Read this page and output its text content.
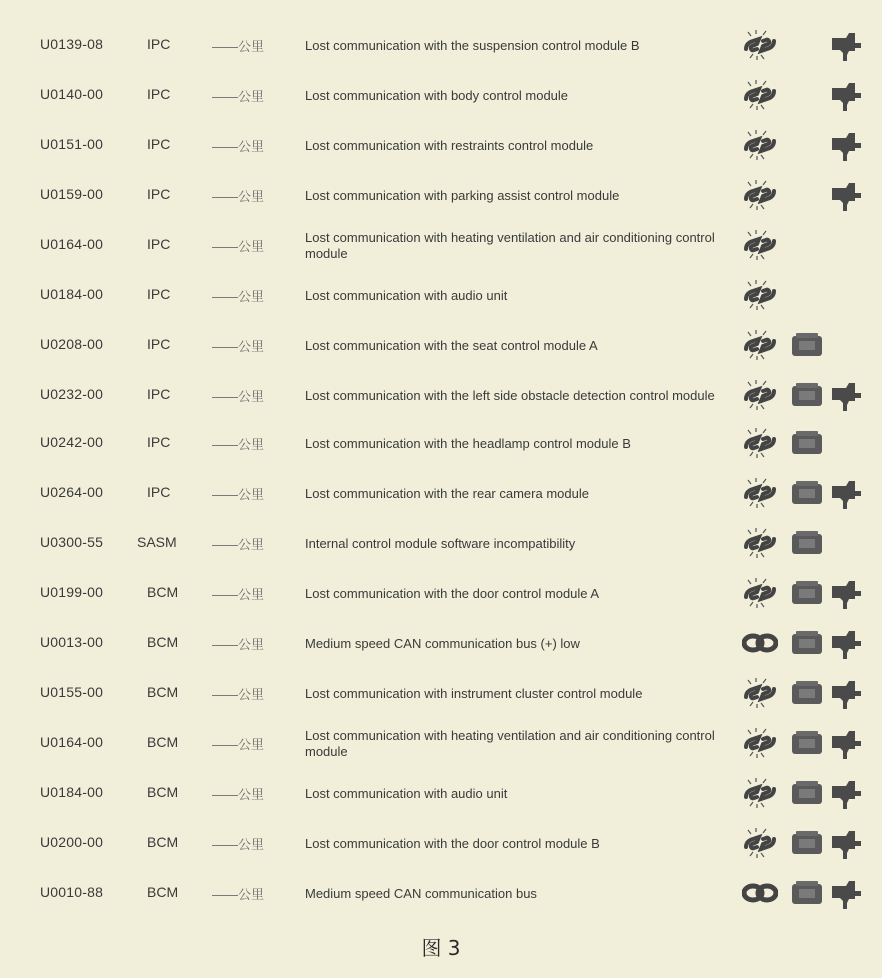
U0139-08	IPC	——公里	Lost communication with the suspension control module B
U0140-00	IPC	——公里	Lost communication with body control module
U0151-00	IPC	——公里	Lost communication with restraints control module
U0159-00	IPC	——公里	Lost communication with parking assist control module
U0164-00	IPC	——公里
Lost communication with heating ventilation and air conditioning control module
U0184-00	IPC	——公里	Lost communication with audio unit
U0208-00	IPC	——公里	Lost communication with the seat control module A
U0232-00	IPC	——公里	Lost communication with the left side obstacle detection control module
U0242-00	IPC	——公里	Lost communication with the headlamp control module B
U0264-00	IPC	——公里	Lost communication with the rear camera module
U0300-55 SASM	——公里	Internal control module software incompatibility
U0199-00	BCM	——公里	Lost communication with the door control module A
U0013-00	BCM	——公里	Medium speed CAN communication bus (+) low
U0155-00	BCM	——公里	Lost communication with instrument cluster control module
U0164-00	BCM	——公里
Lost communication with heating ventilation and air conditioning control module
U0184-00	BCM	——公里	Lost communication with audio unit
U0200-00	BCM	——公里	Lost communication with the door control module B
U0010-88	BCM	——公里	Medium speed CAN communication bus
图 3
